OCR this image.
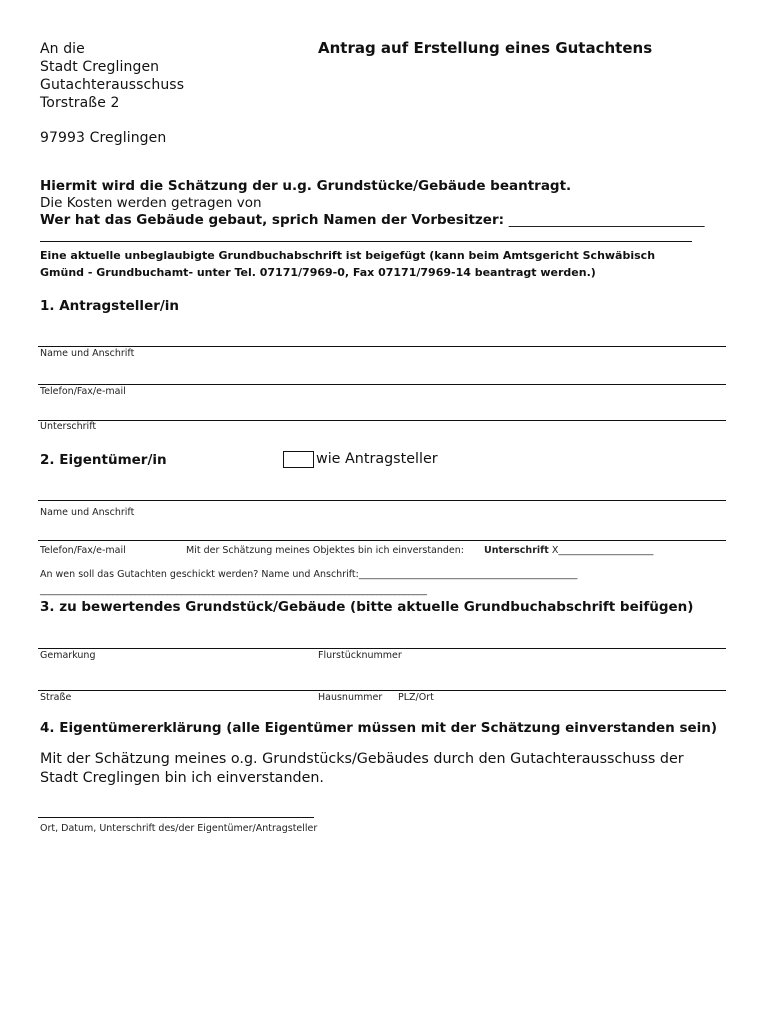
An die
Stadt Creglingen
Gutachterausschuss
Torstraße 2
97993 Creglingen
Antrag auf Erstellung eines Gutachtens
Hiermit wird die Schätzung der u.g. Grundstücke/Gebäude beantragt.
Die Kosten werden getragen von
Wer hat das Gebäude gebaut, sprich Namen der Vorbesitzer: _____________________________
Eine aktuelle unbeglaubigte Grundbuchabschrift ist beigefügt (kann beim Amtsgericht Schwäbisch Gmünd - Grundbuchamt- unter Tel. 07171/7969-0, Fax 07171/7969-14 beantragt werden.)
1. Antragsteller/in
Name und Anschrift
Telefon/Fax/e-mail
Unterschrift
2. Eigentümer/in	wie Antragsteller
Name und Anschrift
Telefon/Fax/e-mail	Mit der Schätzung meines Objektes bin ich einverstanden: Unterschrift X____________________
An wen soll das Gutachten geschickt werden? Name und Anschrift:______________________________________________
_____________________________________________________________________________________
3. zu bewertendes Grundstück/Gebäude (bitte aktuelle Grundbuchabschrift beifügen)
Gemarkung	Flurstücknummer
Straße	Hausnummer PLZ/Ort
4. Eigentümererklärung (alle Eigentümer müssen mit der Schätzung einverstanden sein)
Mit der Schätzung meines o.g. Grundstücks/Gebäudes durch den Gutachterausschuss der Stadt Creglingen bin ich einverstanden.
Ort, Datum, Unterschrift des/der Eigentümer/Antragsteller
